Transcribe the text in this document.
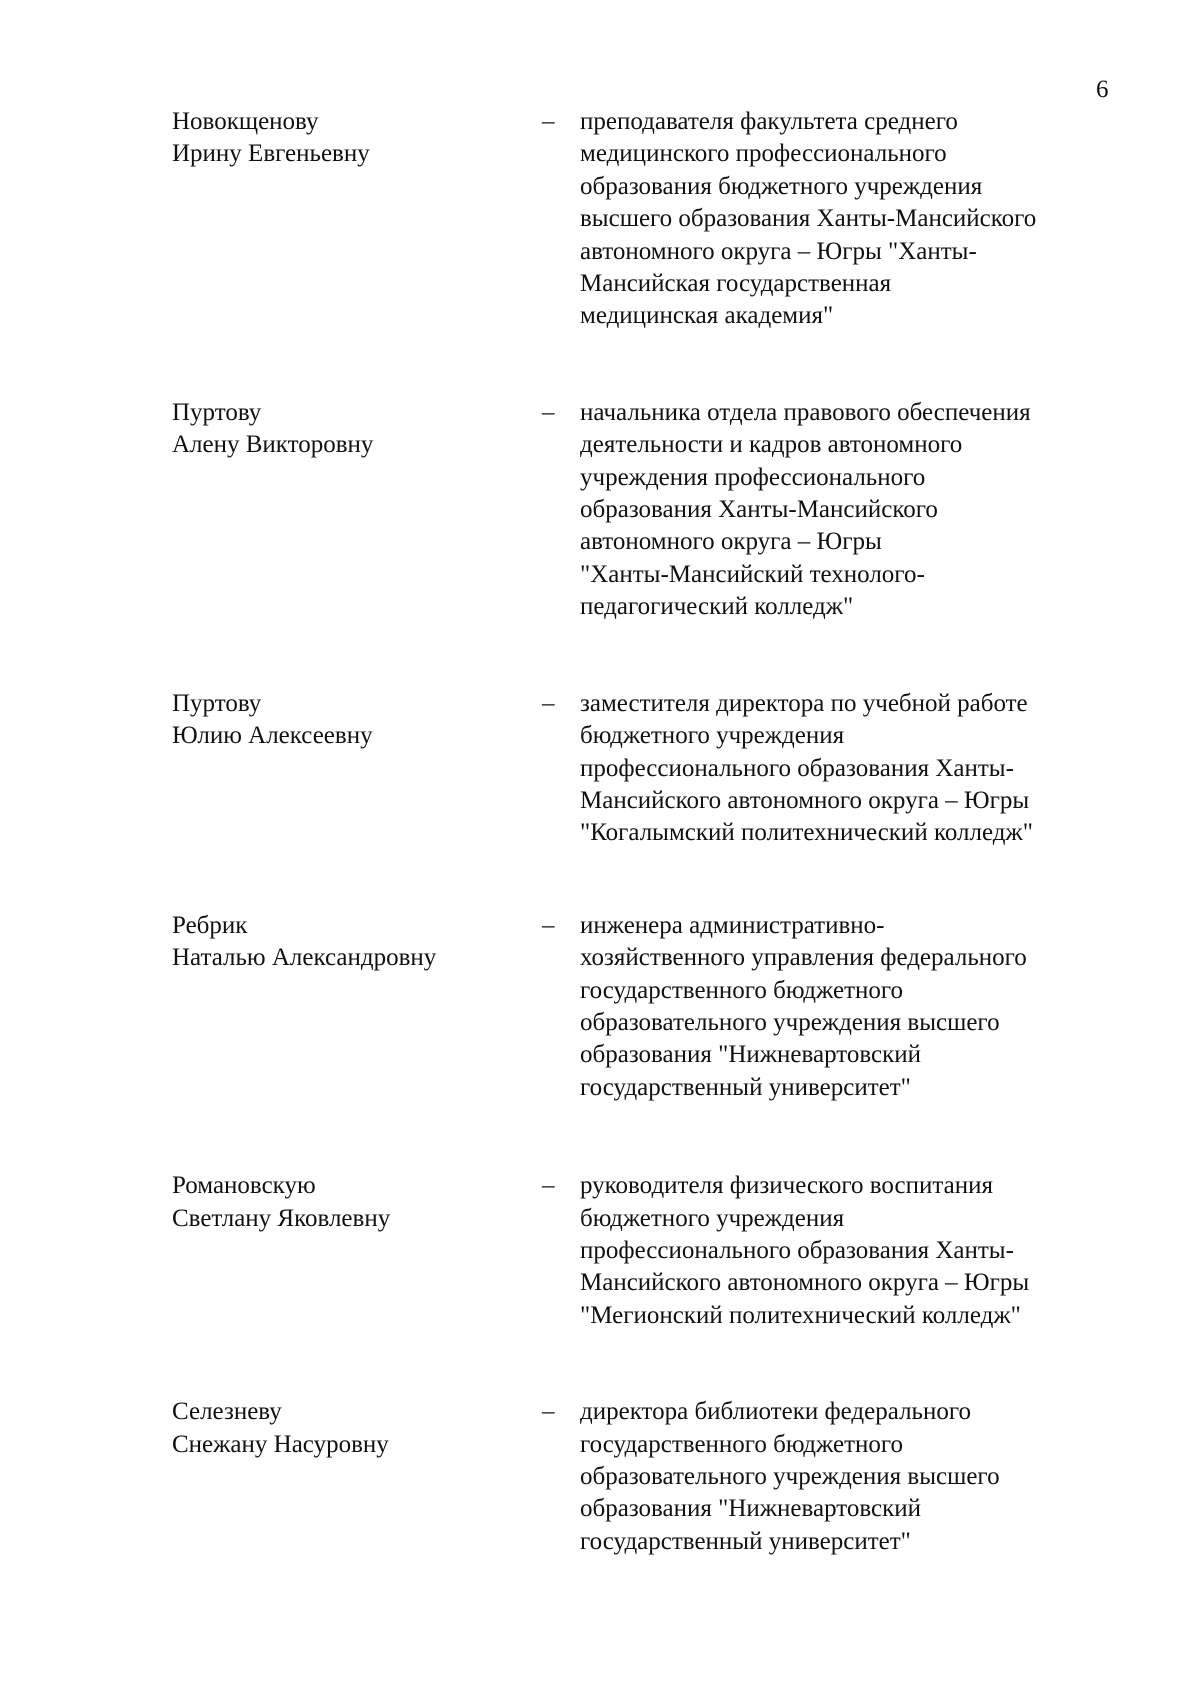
6
Новокщенову
Ирину Евгеньевну
–	преподавателя факультета среднего
медицинского профессионального
образования бюджетного учреждения
высшего образования Ханты-Мансийского
автономного округа – Югры "Ханты-
Мансийская государственная
медицинская академия"
Пуртову
Алену Викторовну
–	начальника отдела правового обеспечения
деятельности и кадров автономного
учреждения профессионального
образования Ханты-Мансийского
автономного округа – Югры
"Ханты-Мансийский технолого-
педагогический колледж"
Пуртову
Юлию Алексеевну
–	заместителя директора по учебной работе
бюджетного учреждения
профессионального образования Ханты-
Мансийского автономного округа – Югры
"Когалымский политехнический колледж"
Ребрик
Наталью Александровну
–	инженера административно-
хозяйственного управления федерального
государственного бюджетного
образовательного учреждения высшего
образования "Нижневартовский
государственный университет"
Романовскую
Светлану Яковлевну
–	руководителя физического воспитания
бюджетного учреждения
профессионального образования Ханты-
Мансийского автономного округа – Югры
"Мегионский политехнический колледж"
Селезневу
Снежану Насуровну
–	директора библиотеки федерального
государственного бюджетного
образовательного учреждения высшего
образования "Нижневартовский
государственный университет"
